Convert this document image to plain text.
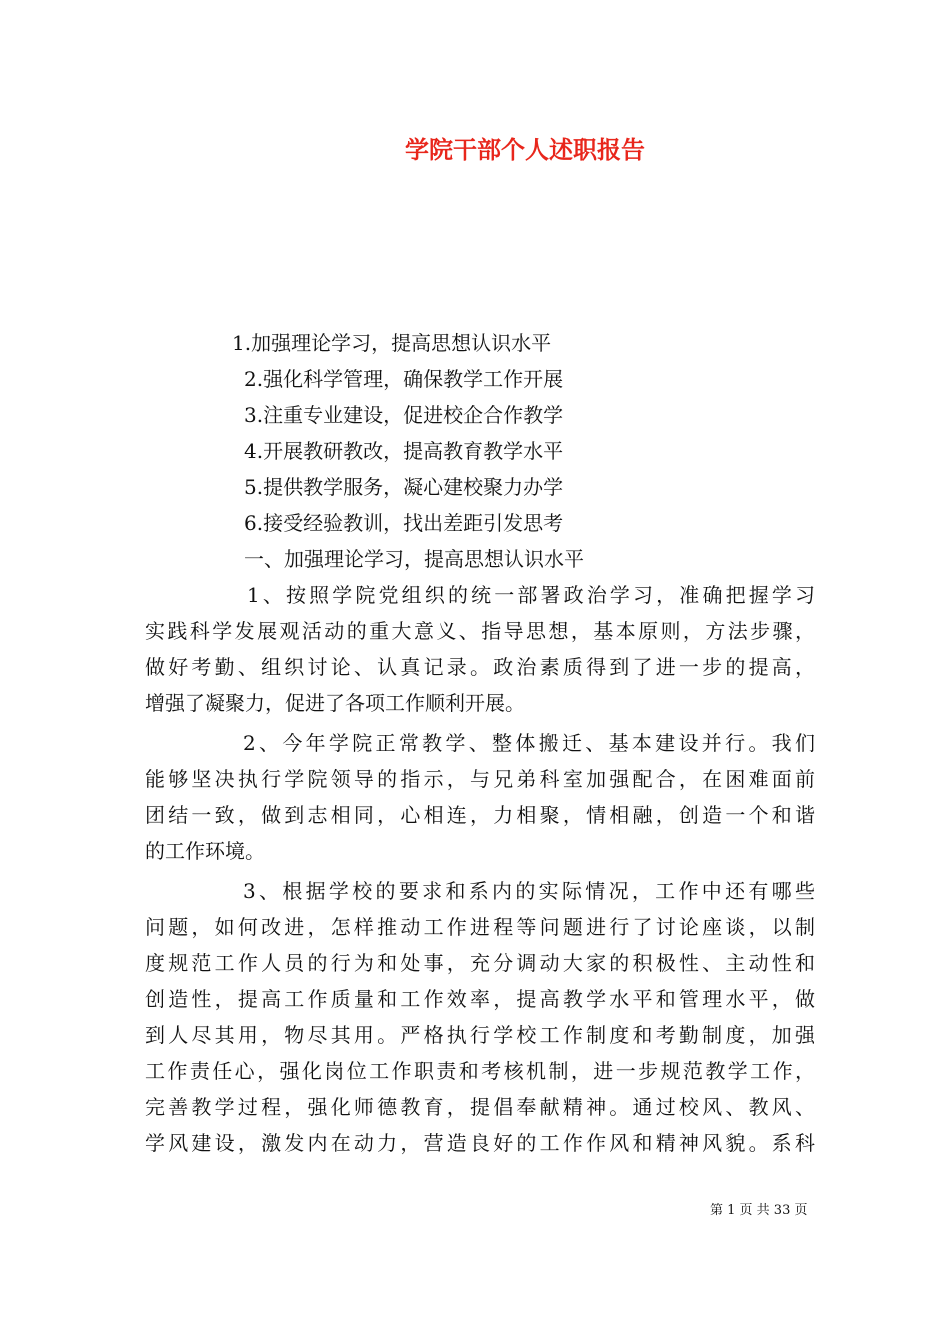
学院干部个人述职报告
1.加强理论学习，提高思想认识水平
2.强化科学管理，确保教学工作开展
3.注重专业建设，促进校企合作教学
4.开展教研教改，提高教育教学水平
5.提供教学服务，凝心建校聚力办学
6.接受经验教训，找出差距引发思考
一、加强理论学习，提高思想认识水平
1、按照学院党组织的统一部署政治学习，准确把握学习
实践科学发展观活动的重大意义、指导思想，基本原则，方法步骤，
做好考勤、组织讨论、认真记录。政治素质得到了进一步的提高，
增强了凝聚力，促进了各项工作顺利开展。
2、今年学院正常教学、整体搬迁、基本建设并行。我们
能够坚决执行学院领导的指示，与兄弟科室加强配合，在困难面前
团结一致，做到志相同，心相连，力相聚，情相融，创造一个和谐
的工作环境。
3、根据学校的要求和系内的实际情况，工作中还有哪些
问题，如何改进，怎样推动工作进程等问题进行了讨论座谈，以制
度规范工作人员的行为和处事，充分调动大家的积极性、主动性和
创造性，提高工作质量和工作效率，提高教学水平和管理水平，做
到人尽其用，物尽其用。严格执行学校工作制度和考勤制度，加强
工作责任心，强化岗位工作职责和考核机制，进一步规范教学工作，
完善教学过程，强化师德教育，提倡奉献精神。通过校风、教风、
学风建设，激发内在动力，营造良好的工作作风和精神风貌。系科
第 1 页 共 33 页
